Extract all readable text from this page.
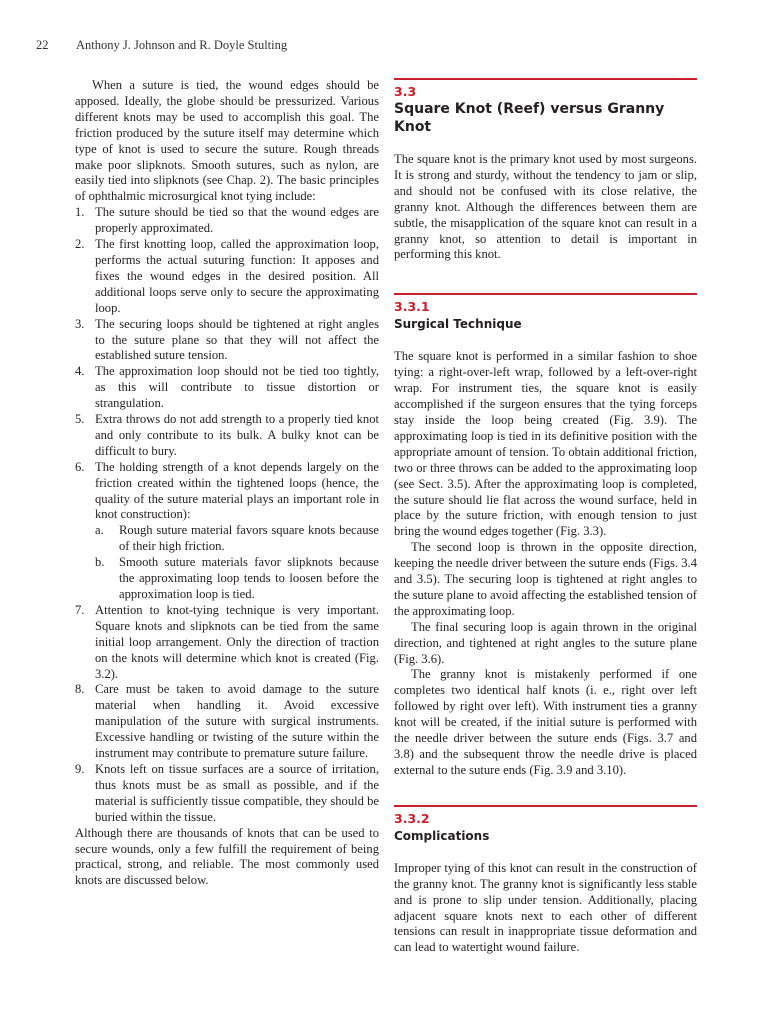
22 Anthony J. Johnson and R. Doyle Stulting

When a suture is tied, the wound edges should be apposed. Ideally, the globe should be pressurized. Various different knots may be used to accomplish this goal. The friction produced by the suture itself may determine which type of knot is used to secure the suture. Rough threads make poor slipknots. Smooth sutures, such as nylon, are easily tied into slipknots (see Chap. 2). The basic principles of ophthalmic microsurgical knot tying include:

1. The suture should be tied so that the wound edges are properly approximated.
2. The first knotting loop, called the approximation loop, performs the actual suturing function: It apposes and fixes the wound edges in the desired position. All additional loops serve only to secure the approximating loop.
3. The securing loops should be tightened at right angles to the suture plane so that they will not affect the established suture tension.
4. The approximation loop should not be tied too tightly, as this will contribute to tissue distortion or strangulation.
5. Extra throws do not add strength to a properly tied knot and only contribute to its bulk. A bulky knot can be difficult to bury.
6. The holding strength of a knot depends largely on the friction created within the tightened loops (hence, the quality of the suture material plays an important role in knot construction):
a. Rough suture material favors square knots because of their high friction.
b. Smooth suture materials favor slipknots because the approximating loop tends to loosen before the approximation loop is tied.
7. Attention to knot-tying technique is very important. Square knots and slipknots can be tied from the same initial loop arrangement. Only the direction of traction on the knots will determine which knot is created (Fig. 3.2).
8. Care must be taken to avoid damage to the suture material when handling it. Avoid excessive manipulation of the suture with surgical instruments. Excessive handling or twisting of the suture within the instrument may contribute to premature suture failure.
9. Knots left on tissue surfaces are a source of irritation, thus knots must be as small as possible, and if the material is sufficiently tissue compatible, they should be buried within the tissue.

Although there are thousands of knots that can be used to secure wounds, only a few fulfill the requirement of being practical, strong, and reliable. The most commonly used knots are discussed below.

3.3
Square Knot (Reef) versus Granny Knot

The square knot is the primary knot used by most surgeons. It is strong and sturdy, without the tendency to jam or slip, and should not be confused with its close relative, the granny knot. Although the differences between them are subtle, the misapplication of the square knot can result in a granny knot, so attention to detail is important in performing this knot.

3.3.1
Surgical Technique

The square knot is performed in a similar fashion to shoe tying: a right-over-left wrap, followed by a left-over-right wrap. For instrument ties, the square knot is easily accomplished if the surgeon ensures that the tying forceps stay inside the loop being created (Fig. 3.9). The approximating loop is tied in its definitive position with the appropriate amount of tension. To obtain additional friction, two or three throws can be added to the approximating loop (see Sect. 3.5). After the approximating loop is completed, the suture should lie flat across the wound surface, held in place by the suture friction, with enough tension to just bring the wound edges together (Fig. 3.3).

The second loop is thrown in the opposite direction, keeping the needle driver between the suture ends (Figs. 3.4 and 3.5). The securing loop is tightened at right angles to the suture plane to avoid affecting the established tension of the approximating loop.

The final securing loop is again thrown in the original direction, and tightened at right angles to the suture plane (Fig. 3.6).

The granny knot is mistakenly performed if one completes two identical half knots (i. e., right over left followed by right over left). With instrument ties a granny knot will be created, if the initial suture is performed with the needle driver between the suture ends (Figs. 3.7 and 3.8) and the subsequent throw the needle drive is placed external to the suture ends (Fig. 3.9 and 3.10).

3.3.2
Complications

Improper tying of this knot can result in the construction of the granny knot. The granny knot is significantly less stable and is prone to slip under tension. Additionally, placing adjacent square knots next to each other of different tensions can result in inappropriate tissue deformation and can lead to watertight wound failure.
